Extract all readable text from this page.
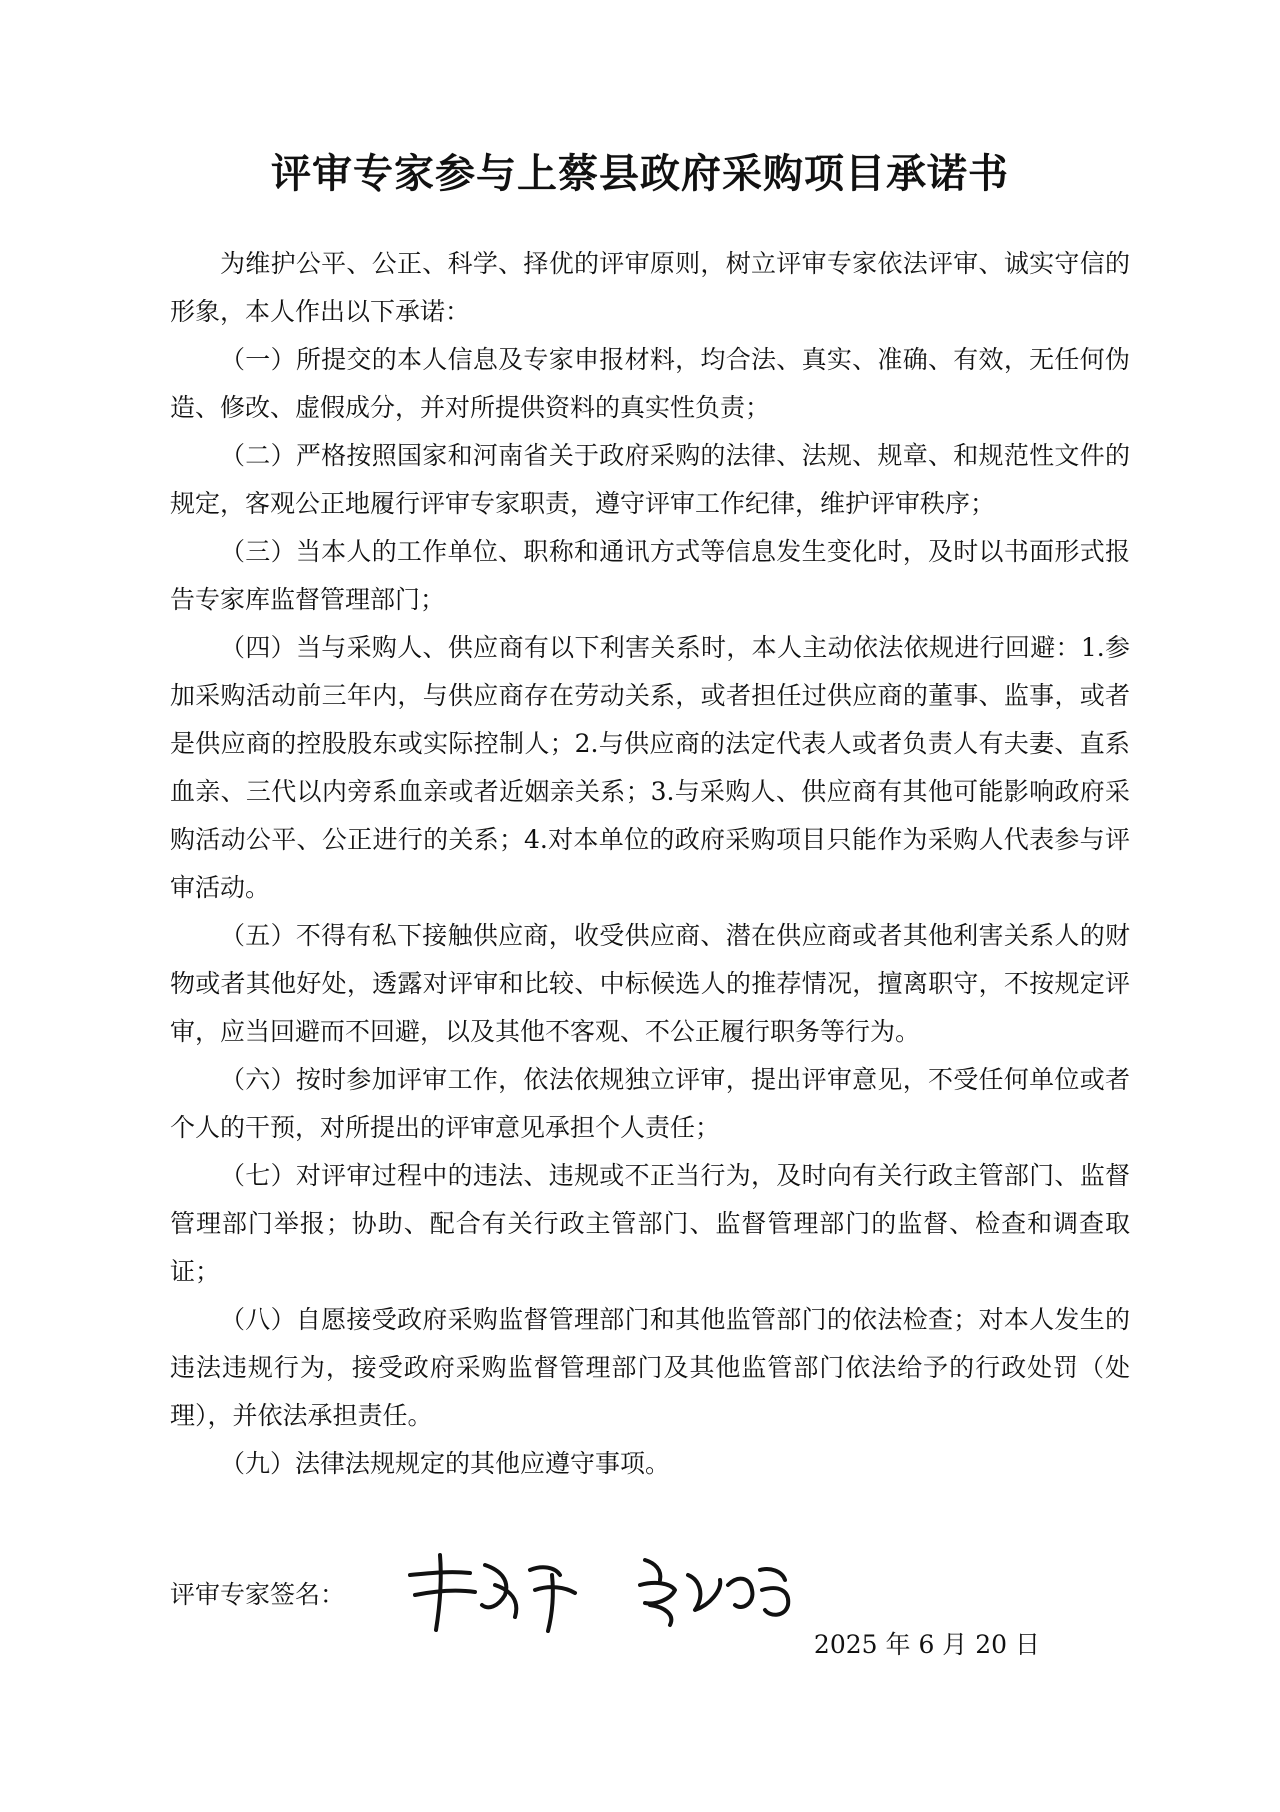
评审专家参与上蔡县政府采购项目承诺书

为维护公平、公正、科学、择优的评审原则，树立评审专家依法评审、诚实守信的形象，本人作出以下承诺：

（一）所提交的本人信息及专家申报材料，均合法、真实、准确、有效，无任何伪造、修改、虚假成分，并对所提供资料的真实性负责；

（二）严格按照国家和河南省关于政府采购的法律、法规、规章、和规范性文件的规定，客观公正地履行评审专家职责，遵守评审工作纪律，维护评审秩序；

（三）当本人的工作单位、职称和通讯方式等信息发生变化时，及时以书面形式报告专家库监督管理部门；

（四）当与采购人、供应商有以下利害关系时，本人主动依法依规进行回避：1.参加采购活动前三年内，与供应商存在劳动关系，或者担任过供应商的董事、监事，或者是供应商的控股股东或实际控制人；2.与供应商的法定代表人或者负责人有夫妻、直系血亲、三代以内旁系血亲或者近姻亲关系；3.与采购人、供应商有其他可能影响政府采购活动公平、公正进行的关系；4.对本单位的政府采购项目只能作为采购人代表参与评审活动。

（五）不得有私下接触供应商，收受供应商、潜在供应商或者其他利害关系人的财物或者其他好处，透露对评审和比较、中标候选人的推荐情况，擅离职守，不按规定评审，应当回避而不回避，以及其他不客观、不公正履行职务等行为。

（六）按时参加评审工作，依法依规独立评审，提出评审意见，不受任何单位或者个人的干预，对所提出的评审意见承担个人责任；

（七）对评审过程中的违法、违规或不正当行为，及时向有关行政主管部门、监督管理部门举报；协助、配合有关行政主管部门、监督管理部门的监督、检查和调查取证；

（八）自愿接受政府采购监督管理部门和其他监管部门的依法检查；对本人发生的违法违规行为，接受政府采购监督管理部门及其他监管部门依法给予的行政处罚（处理），并依法承担责任。

（九）法律法规规定的其他应遵守事项。

评审专家签名：
2025 年 6 月 20 日
